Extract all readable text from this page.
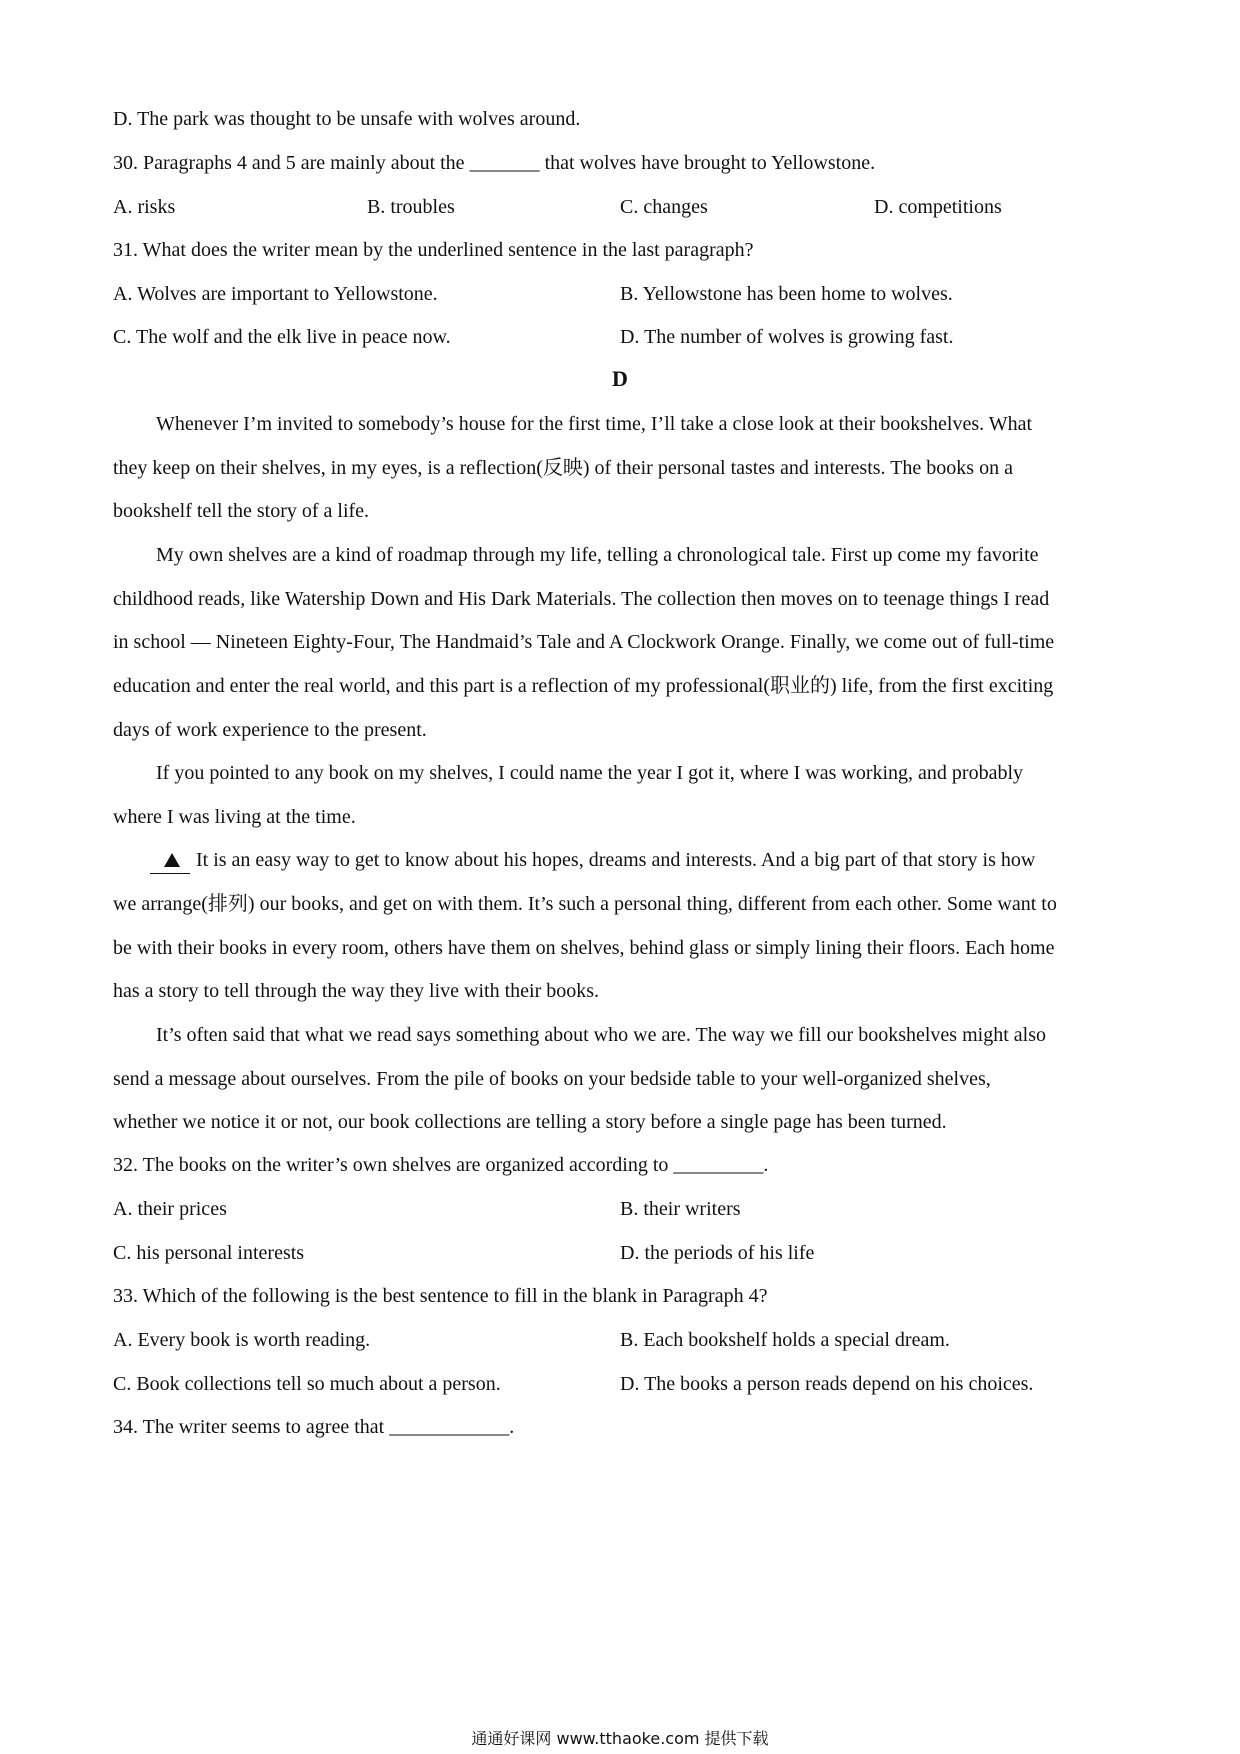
D. The park was thought to be unsafe with wolves around.
30. Paragraphs 4 and 5 are mainly about the _______ that wolves have brought to Yellowstone.
A. risks	B. troubles	C. changes	D. competitions
31. What does the writer mean by the underlined sentence in the last paragraph?
A. Wolves are important to Yellowstone.	B. Yellowstone has been home to wolves.
C. The wolf and the elk live in peace now.	D. The number of wolves is growing fast.
D
Whenever I’m invited to somebody’s house for the first time, I’ll take a close look at their bookshelves. What
they keep on their shelves, in my eyes, is a reflection(反映) of their personal tastes and interests. The books on a
bookshelf tell the story of a life.
My own shelves are a kind of roadmap through my life, telling a chronological tale. First up come my favorite
childhood reads, like Watership Down and His Dark Materials. The collection then moves on to teenage things I read
in school — Nineteen Eighty-Four, The Handmaid’s Tale and A Clockwork Orange. Finally, we come out of full-time
education and enter the real world, and this part is a reflection of my professional(职业的) life, from the first exciting
days of work experience to the present.
If you pointed to any book on my shelves, I could name the year I got it, where I was working, and probably
where I was living at the time.
It is an easy way to get to know about his hopes, dreams and interests. And a big part of that story is how
we arrange(排列) our books, and get on with them. It’s such a personal thing, different from each other. Some want to
be with their books in every room, others have them on shelves, behind glass or simply lining their floors. Each home
has a story to tell through the way they live with their books.
It’s often said that what we read says something about who we are. The way we fill our bookshelves might also
send a message about ourselves. From the pile of books on your bedside table to your well-organized shelves,
whether we notice it or not, our book collections are telling a story before a single page has been turned.
32. The books on the writer’s own shelves are organized according to _________.
A. their prices	B. their writers
C. his personal interests	D. the periods of his life
33. Which of the following is the best sentence to fill in the blank in Paragraph 4?
A. Every book is worth reading.	B. Each bookshelf holds a special dream.
C. Book collections tell so much about a person.	D. The books a person reads depend on his choices.
34. The writer seems to agree that ____________.
通通好课网 www.tthaoke.com 提供下载
